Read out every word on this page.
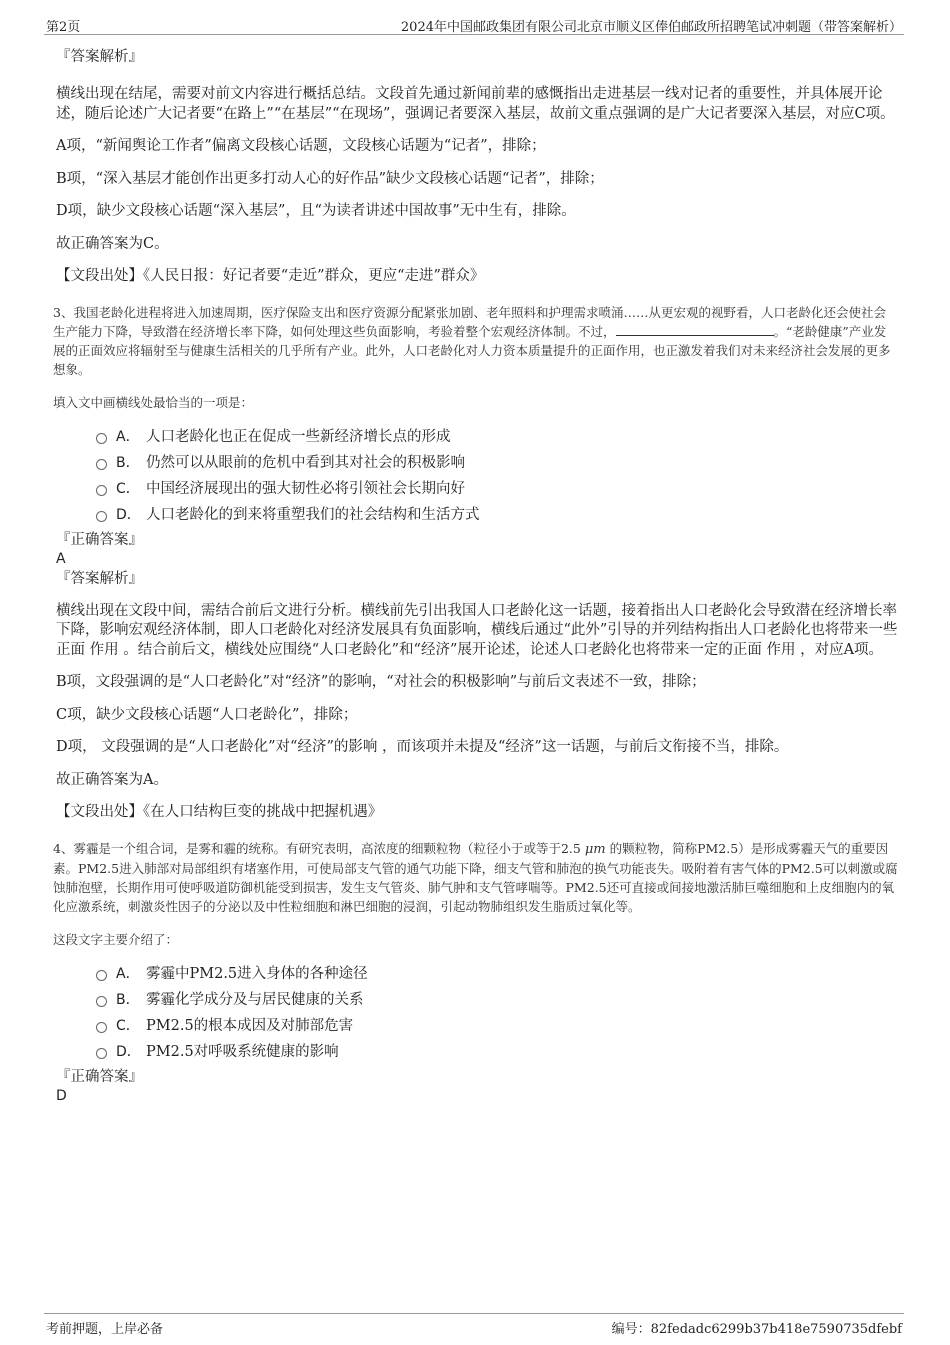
第2页	2024年中国邮政集团有限公司北京市顺义区俸伯邮政所招聘笔试冲刺题（带答案解析）
『答案解析』

横线出现在结尾，需要对前文内容进行概括总结。文段首先通过新闻前辈的感慨指出走进基层一线对记者的重要性，并具体展开论述，随后论述广大记者要“在路上”“在基层”“在现场”，强调记者要深入基层，故前文重点强调的是广大记者要深入基层，对应C项。

A项，“新闻舆论工作者”偏离文段核心话题，文段核心话题为“记者”，排除；

B项，“深入基层才能创作出更多打动人心的好作品”缺少文段核心话题“记者”，排除；

D项，缺少文段核心话题“深入基层”，且“为读者讲述中国故事”无中生有，排除。

故正确答案为C。

【文段出处】《人民日报：好记者要“走近”群众，更应“走进”群众》

3、我国老龄化进程将进入加速周期，医疗保险支出和医疗资源分配紧张加剧、老年照料和护理需求喷涌……从更宏观的视野看，人口老龄化还会使社会生产能力下降，导致潜在经济增长率下降，如何处理这些负面影响，考验着整个宏观经济体制。不过，	。“老龄健康”产业发展的正面效应将辐射至与健康生活相关的几乎所有产业。此外，人口老龄化对人力资本质量提升的正面作用，也正激发着我们对未来经济社会发展的更多想象。

填入文中画横线处最恰当的一项是：

A． 人口老龄化也正在促成一些新经济增长点的形成
B． 仍然可以从眼前的危机中看到其对社会的积极影响
C． 中国经济展现出的强大韧性必将引领社会长期向好
D． 人口老龄化的到来将重塑我们的社会结构和生活方式
『正确答案』
A
『答案解析』

横线出现在文段中间，需结合前后文进行分析。横线前先引出我国人口老龄化这一话题，接着指出人口老龄化会导致潜在经济增长率下降，影响宏观经济体制，即人口老龄化对经济发展具有负面影响，横线后通过“此外”引导的并列结构指出人口老龄化也将带来一些正面 作用 。结合前后文，横线处应围绕“人口老龄化”和“经济”展开论述，论述人口老龄化也将带来一定的正面 作用 ，对应A项。

B项，文段强调的是“人口老龄化”对“经济”的影响，“对社会的积极影响”与前后文表述不一致，排除；

C项，缺少文段核心话题“人口老龄化”，排除；

D项， 文段强调的是“人口老龄化”对“经济”的影响 ，而该项并未提及“经济”这一话题，与前后文衔接不当，排除。

故正确答案为A。

【文段出处】《在人口结构巨变的挑战中把握机遇》

4、雾霾是一个组合词，是雾和霾的统称。有研究表明，高浓度的细颗粒物（粒径小于或等于2.5 μm 的颗粒物，简称PM2.5）是形成雾霾天气的重要因素。PM2.5进入肺部对局部组织有堵塞作用，可使局部支气管的通气功能下降，细支气管和肺泡的换气功能丧失。吸附着有害气体的PM2.5可以刺激或腐蚀肺泡壁，长期作用可使呼吸道防御机能受到损害，发生支气管炎、肺气肿和支气管哮喘等。PM2.5还可直接或间接地激活肺巨噬细胞和上皮细胞内的氧化应激系统，刺激炎性因子的分泌以及中性粒细胞和淋巴细胞的浸润，引起动物肺组织发生脂质过氧化等。

这段文字主要介绍了：

A． 雾霾中PM2.5进入身体的各种途径
B． 雾霾化学成分及与居民健康的关系
C． PM2.5的根本成因及对肺部危害
D． PM2.5对呼吸系统健康的影响
『正确答案』
D
考前押题，上岸必备	编号：82fedadc6299b37b418e7590735dfebf
